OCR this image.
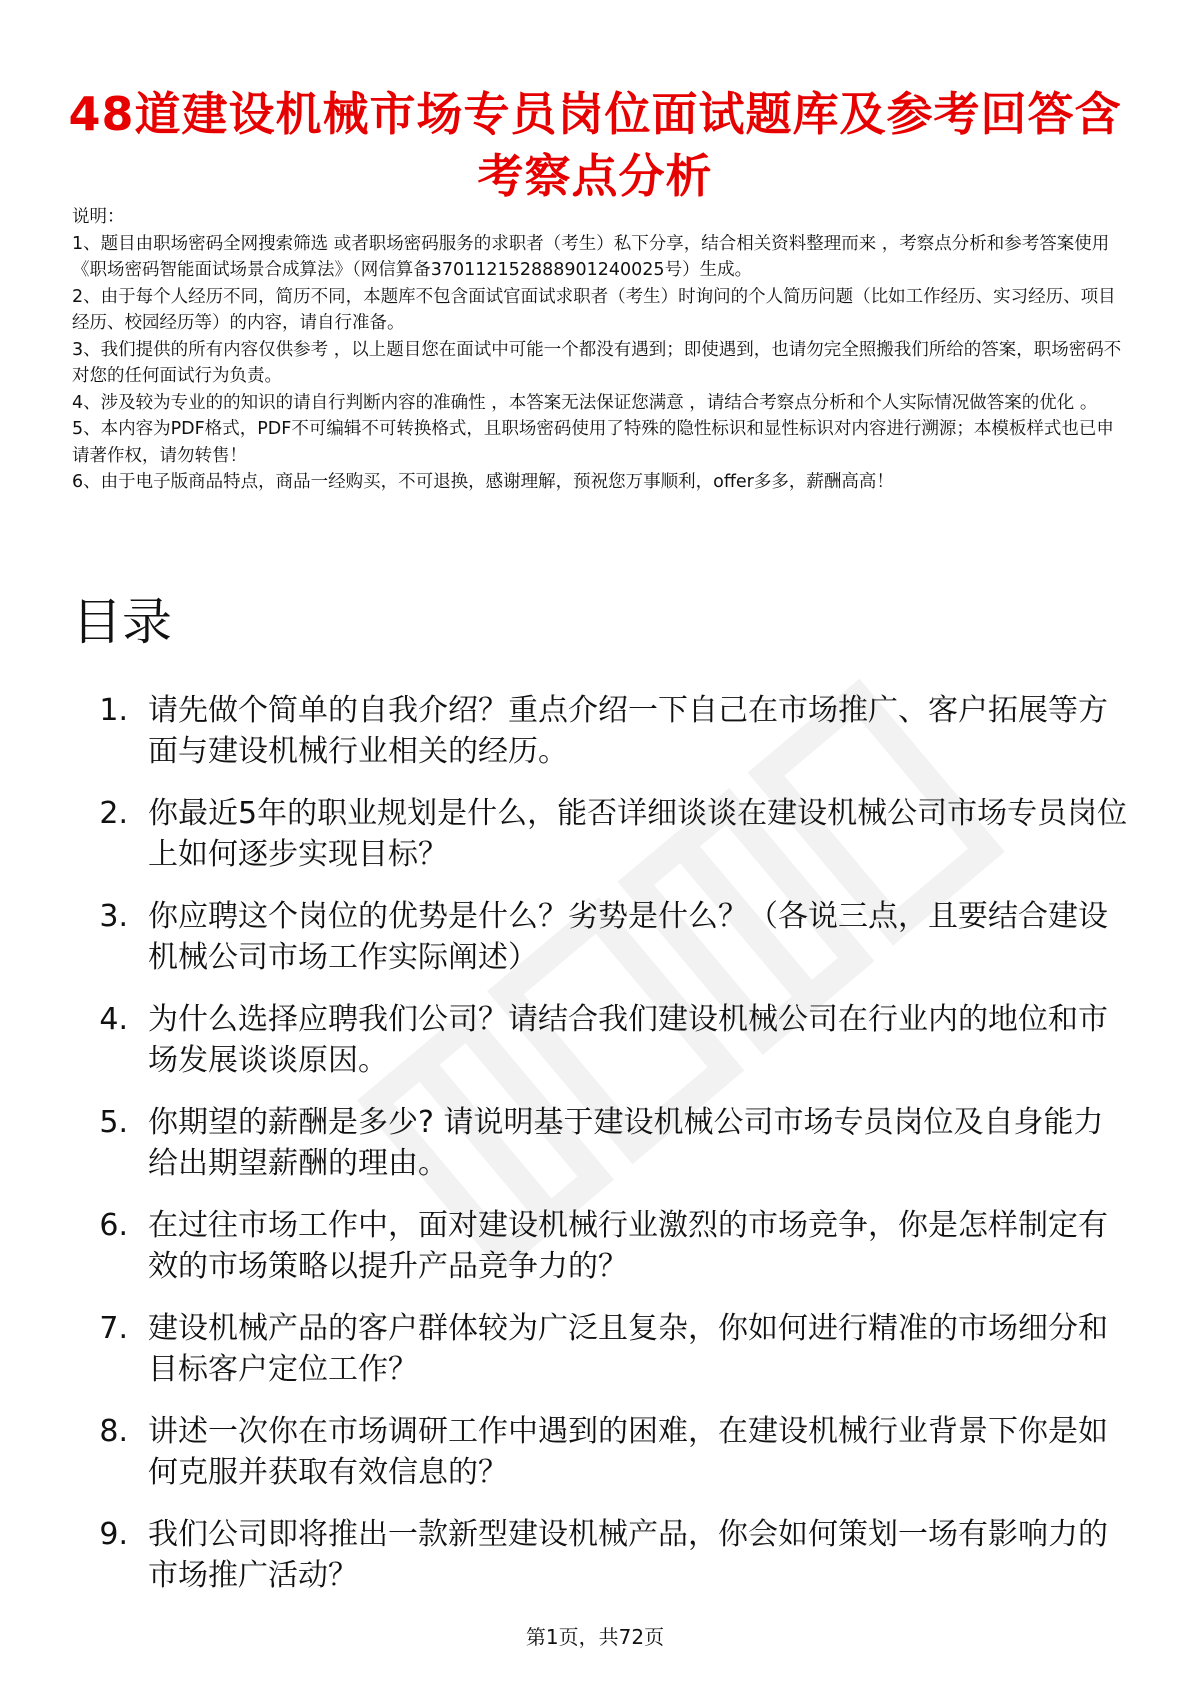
48道建设机械市场专员岗位面试题库及参考回答含考察点分析

说明：

1、题目由职场密码全网搜索筛选 或者职场密码服务的求职者（考生）私下分享，结合相关资料整理而来 ，考察点分析和参考答案使用《职场密码智能面试场景合成算法》（网信算备370112152888901240025号）生成。

2、由于每个人经历不同，简历不同，本题库不包含面试官面试求职者（考生）时询问的个人简历问题（比如工作经历、实习经历、项目经历、校园经历等）的内容，请自行准备。

3、我们提供的所有内容仅供参考 ，以上题目您在面试中可能一个都没有遇到；即使遇到，也请勿完全照搬我们所给的答案，职场密码不对您的任何面试行为负责。

4、涉及较为专业的的知识的请自行判断内容的准确性 ，本答案无法保证您满意 ，请结合考察点分析和个人实际情况做答案的优化 。

5、本内容为PDF格式，PDF不可编辑不可转换格式，且职场密码使用了特殊的隐性标识和显性标识对内容进行溯源；本模板样式也已申请著作权，请勿转售！

6、由于电子版商品特点，商品一经购买，不可退换，感谢理解，预祝您万事顺利，offer多多，薪酬高高！

目录
1. 请先做个简单的自我介绍？重点介绍一下自己在市场推广、客户拓展等方面与建设机械行业相关的经历。
2. 你最近5年的职业规划是什么，能否详细谈谈在建设机械公司市场专员岗位上如何逐步实现目标？
3. 你应聘这个岗位的优势是什么？劣势是什么？（各说三点，且要结合建设机械公司市场工作实际阐述）
4. 为什么选择应聘我们公司？请结合我们建设机械公司在行业内的地位和市场发展谈谈原因。
5. 你期望的薪酬是多少? 请说明基于建设机械公司市场专员岗位及自身能力给出期望薪酬的理由。
6. 在过往市场工作中，面对建设机械行业激烈的市场竞争，你是怎样制定有效的市场策略以提升产品竞争力的？
7. 建设机械产品的客户群体较为广泛且复杂，你如何进行精准的市场细分和目标客户定位工作？
8. 讲述一次你在市场调研工作中遇到的困难，在建设机械行业背景下你是如何克服并获取有效信息的？
9. 我们公司即将推出一款新型建设机械产品，你会如何策划一场有影响力的市场推广活动？
第1页，共72页
